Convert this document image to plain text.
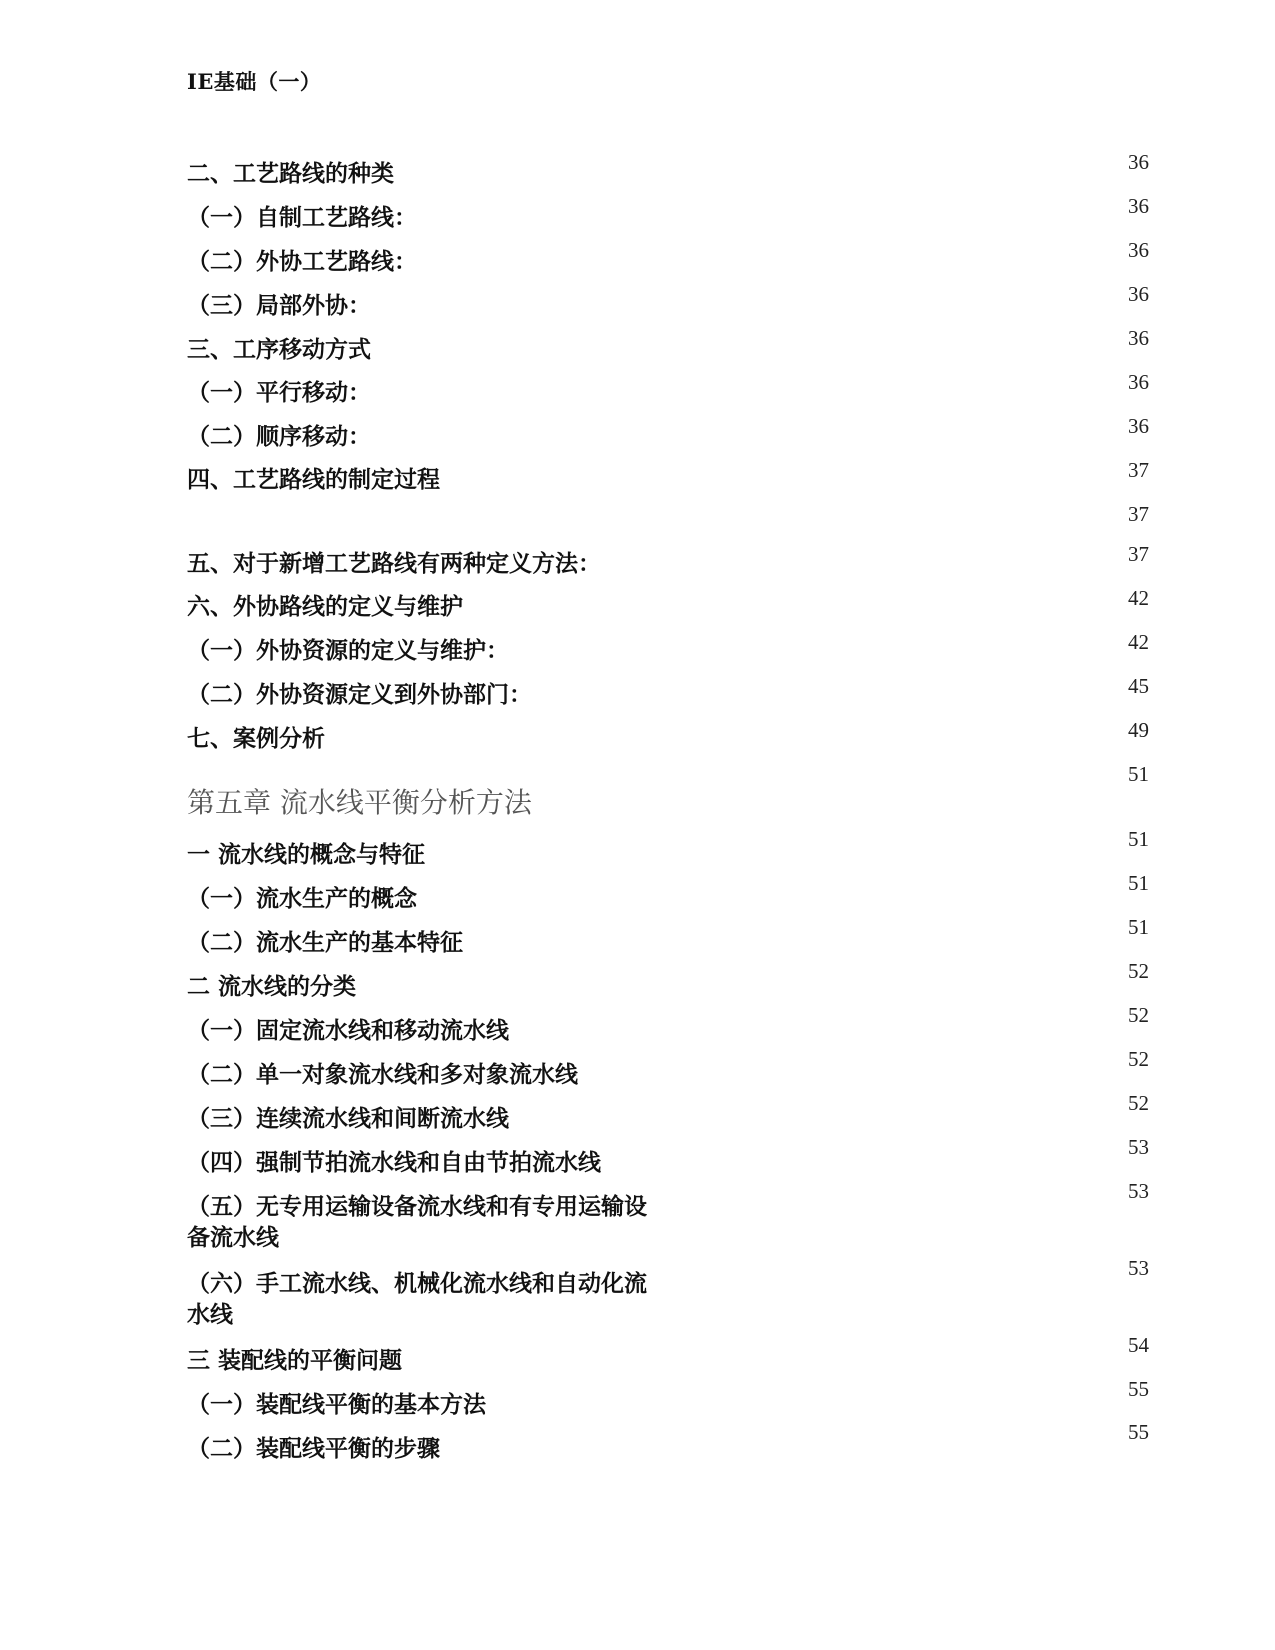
IE基础（一）
二、工艺路线的种类
（一）自制工艺路线：
（二）外协工艺路线：
（三）局部外协：
三、工序移动方式
（一）平行移动：
（二）顺序移动：
四、工艺路线的制定过程
五、对于新增工艺路线有两种定义方法：
六、外协路线的定义与维护
（一）外协资源的定义与维护：
（二）外协资源定义到外协部门：
七、案例分析
第五章 流水线平衡分析方法
一 流水线的概念与特征
（一）流水生产的概念
（二）流水生产的基本特征
二 流水线的分类
（一）固定流水线和移动流水线
（二）单一对象流水线和多对象流水线
（三）连续流水线和间断流水线
（四）强制节拍流水线和自由节拍流水线
（五）无专用运输设备流水线和有专用运输设备流水线
（六）手工流水线、机械化流水线和自动化流水线
三 装配线的平衡问题
（一）装配线平衡的基本方法
（二）装配线平衡的步骤
36
36
36
36
36
36
36
37
37
37
42
42
45
49
51
51
51
51
52
52
52
52
53
53
53
54
55
55
